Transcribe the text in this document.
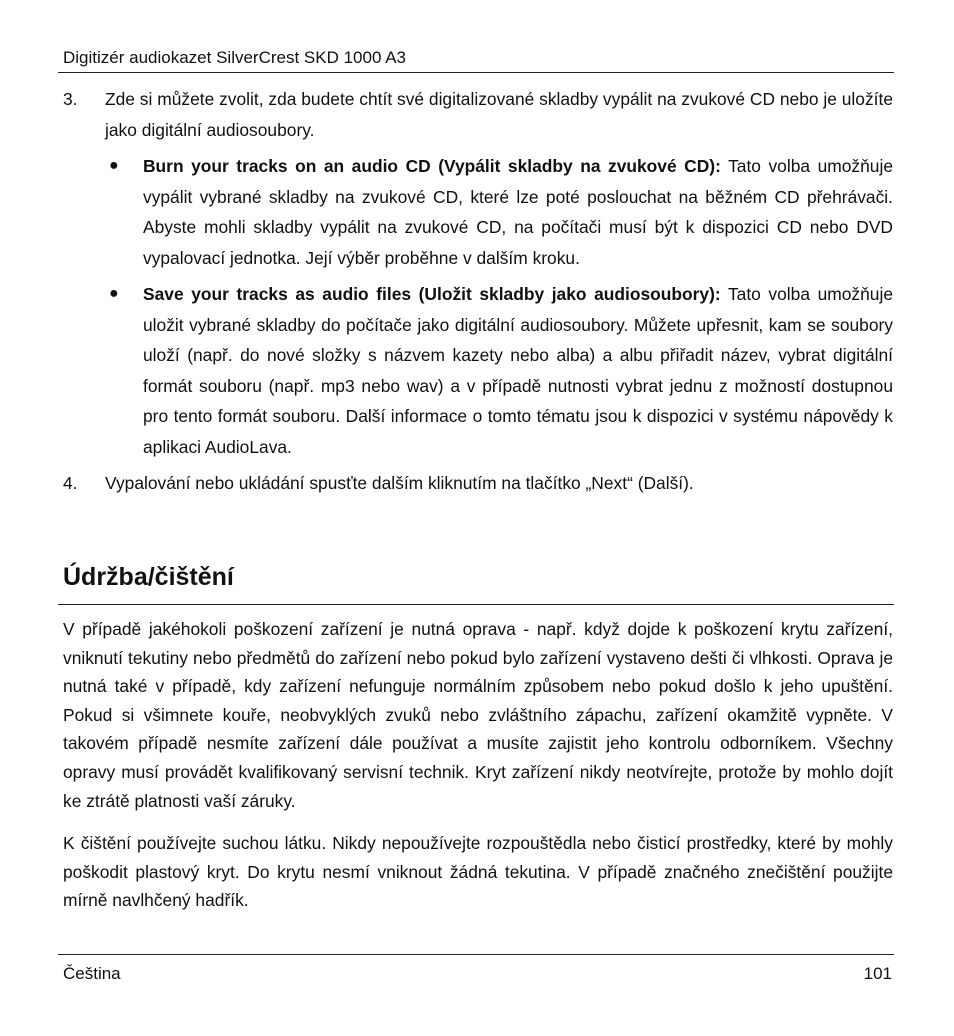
Digitizér audiokazet SilverCrest SKD 1000 A3
3.	Zde si můžete zvolit, zda budete chtít své digitalizované skladby vypálit na zvukové CD nebo je uložíte jako digitální audiosoubory.
● Burn your tracks on an audio CD (Vypálit skladby na zvukové CD): Tato volba umožňuje vypálit vybrané skladby na zvukové CD, které lze poté poslouchat na běžném CD přehrávači. Abyste mohli skladby vypálit na zvukové CD, na počítači musí být k dispozici CD nebo DVD vypalovací jednotka. Její výběr proběhne v dalším kroku.
● Save your tracks as audio files (Uložit skladby jako audiosoubory): Tato volba umožňuje uložit vybrané skladby do počítače jako digitální audiosoubory. Můžete upřesnit, kam se soubory uloží (např. do nové složky s názvem kazety nebo alba) a albu přiřadit název, vybrat digitální formát souboru (např. mp3 nebo wav) a v případě nutnosti vybrat jednu z možností dostupnou pro tento formát souboru. Další informace o tomto tématu jsou k dispozici v systému nápovědy k aplikaci AudioLava.
4.	Vypalování nebo ukládání spusťte dalším kliknutím na tlačítko „Next“ (Další).
Údržba/čištění

V případě jakéhokoli poškození zařízení je nutná oprava - např. když dojde k poškození krytu zařízení, vniknutí tekutiny nebo předmětů do zařízení nebo pokud bylo zařízení vystaveno dešti či vlhkosti. Oprava je nutná také v případě, kdy zařízení nefunguje normálním způsobem nebo pokud došlo k jeho upuštění. Pokud si všimnete kouře, neobvyklých zvuků nebo zvláštního zápachu, zařízení okamžitě vypněte. V takovém případě nesmíte zařízení dále používat a musíte zajistit jeho kontrolu odborníkem. Všechny opravy musí provádět kvalifikovaný servisní technik. Kryt zařízení nikdy neotvírejte, protože by mohlo dojít ke ztrátě platnosti vaší záruky.

K čištění používejte suchou látku. Nikdy nepoužívejte rozpouštědla nebo čisticí prostředky, které by mohly poškodit plastový kryt. Do krytu nesmí vniknout žádná tekutina. V případě značného znečištění použijte mírně navlhčený hadřík.

Čeština	101
